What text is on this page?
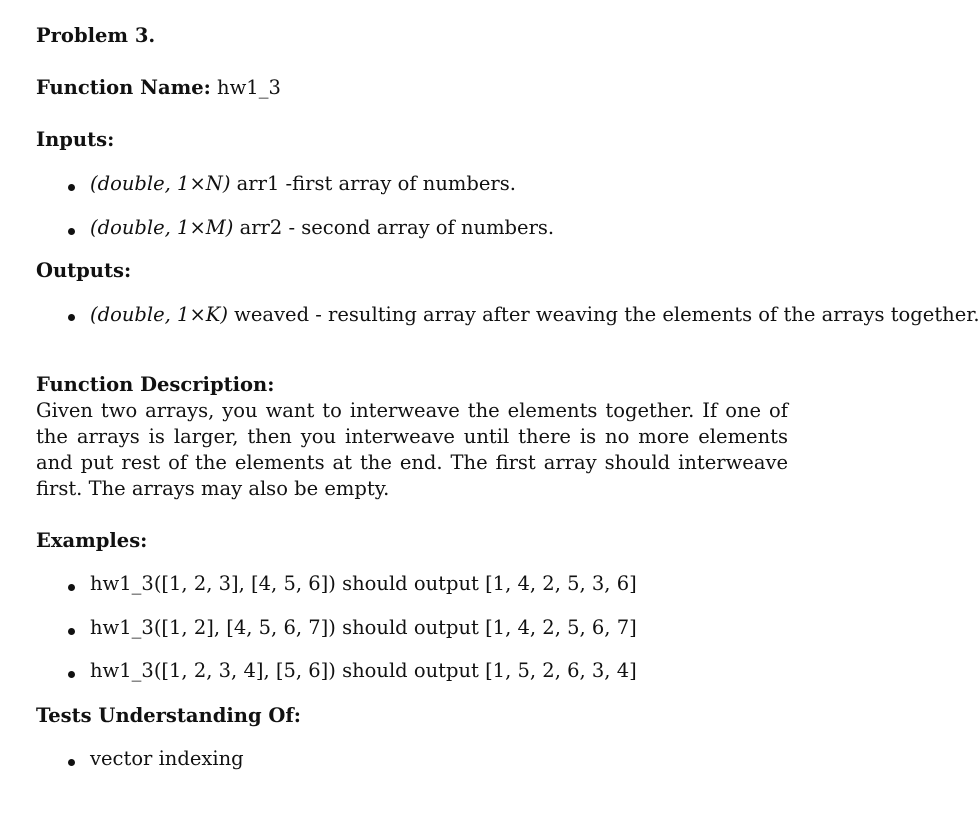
Problem 3.
Function Name: hw1_3
Inputs:
(double, 1×N) arr1 -first array of numbers.
(double, 1×M) arr2 - second array of numbers.
Outputs:
(double, 1×K) weaved - resulting array after weaving the elements of the arrays together.
Function Description:
Given two arrays, you want to interweave the elements together. If one of the arrays is larger, then you interweave until there is no more elements and put rest of the elements at the end. The first array should interweave first. The arrays may also be empty.
Examples:
hw1_3([1, 2, 3], [4, 5, 6]) should output [1, 4, 2, 5, 3, 6]
hw1_3([1, 2], [4, 5, 6, 7]) should output [1, 4, 2, 5, 6, 7]
hw1_3([1, 2, 3, 4], [5, 6]) should output [1, 5, 2, 6, 3, 4]
Tests Understanding Of:
vector indexing
